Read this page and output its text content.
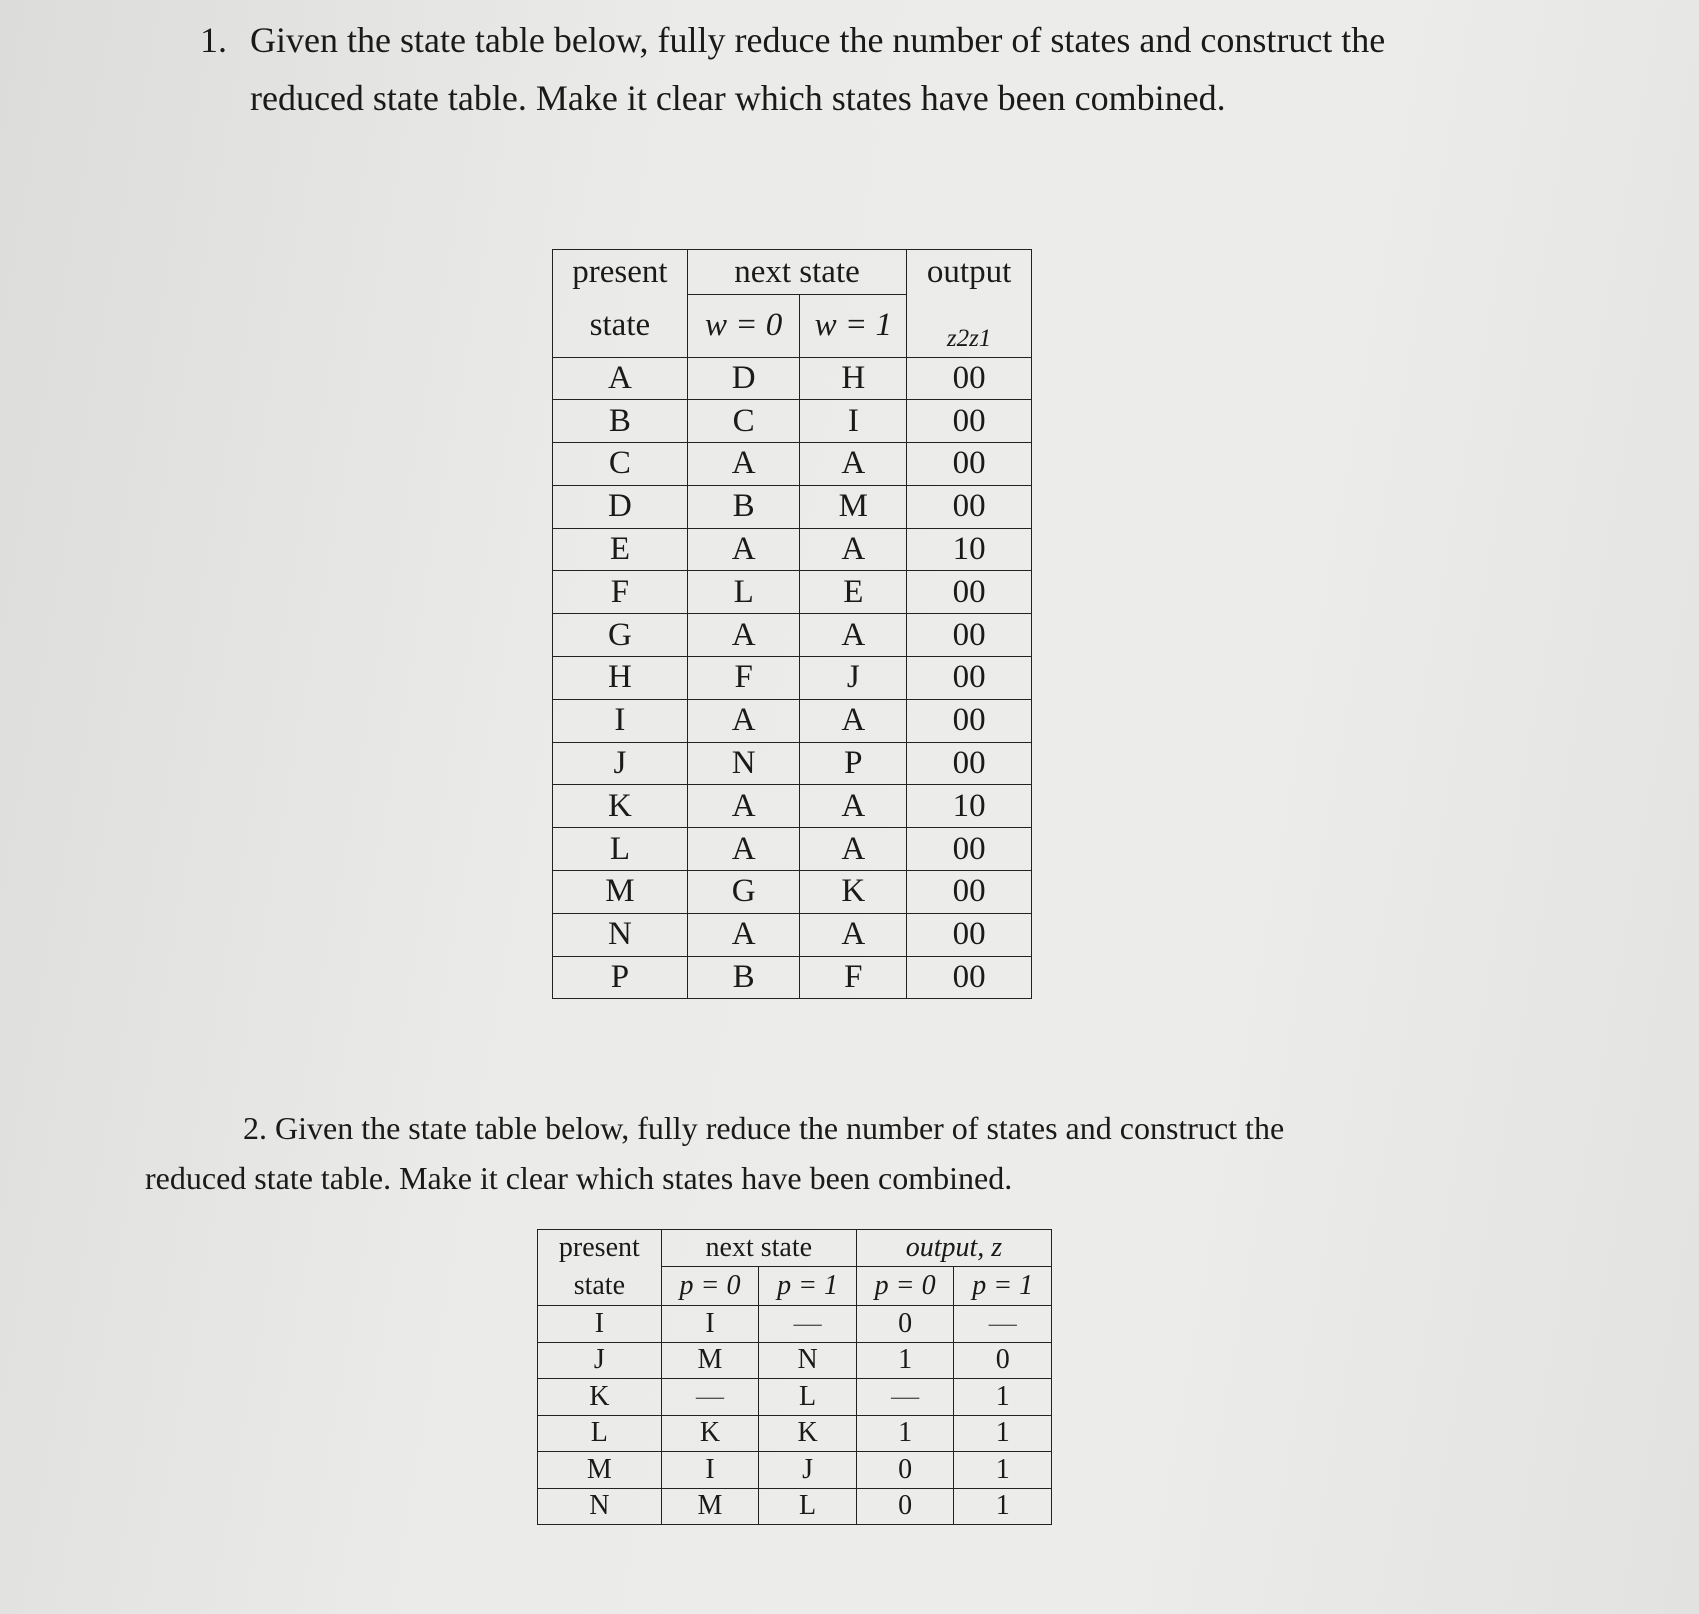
1. Given the state table below, fully reduce the number of states and construct the reduced state table. Make it clear which states have been combined.
present	next state		output
state	w = 0	w = 1	z2z1
A	D	H	00
B	C	I	00
C	A	A	00
D	B	M	00
E	A	A	10
F	L	E	00
G	A	A	00
H	F	J	00
I	A	A	00
J	N	P	00
K	A	A	10
L	A	A	00
M	G	K	00
N	A	A	00
P	B	F	00
2. Given the state table below, fully reduce the number of states and construct the reduced state table. Make it clear which states have been combined.
present	next state		output, z	
state	p = 0	p = 1	p = 0	p = 1
I	I	—	0	—
J	M	N	1	0
K	—	L	—	1
L	K	K	1	1
M	I	J	0	1
N	M	L	0	1
